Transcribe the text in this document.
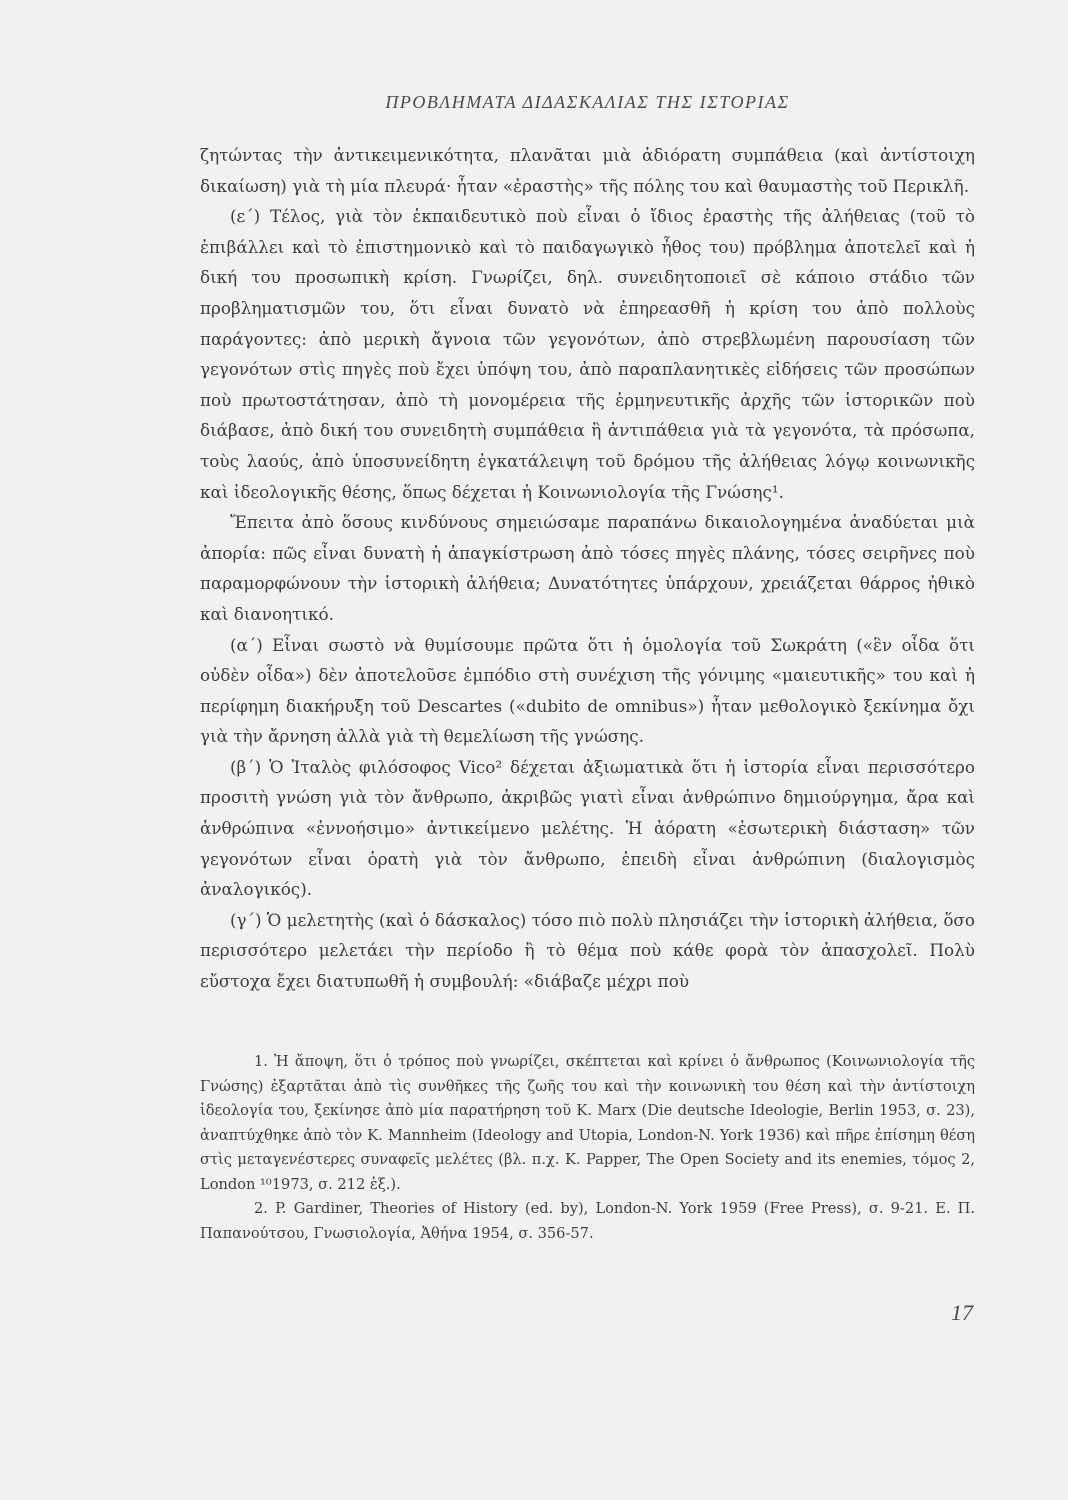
ΠΡΟΒΛΗΜΑΤΑ ΔΙΔΑΣΚΑΛΙΑΣ ΤΗΣ ΙΣΤΟΡΙΑΣ

ζητώντας τὴν ἀντικειμενικότητα, πλανᾶται μιὰ ἀδιόρατη συμπάθεια (καὶ ἀντίστοιχη δικαίωση) γιὰ τὴ μία πλευρά· ἦταν «ἐραστὴς» τῆς πόλης του καὶ θαυμαστὴς τοῦ Περικλῆ.

(ε΄) Τέλος, γιὰ τὸν ἐκπαιδευτικὸ ποὺ εἶναι ὁ ἴδιος ἐραστὴς τῆς ἀλήθειας (τοῦ τὸ ἐπιβάλλει καὶ τὸ ἐπιστημονικὸ καὶ τὸ παιδαγωγικὸ ἦθος του) πρόβλημα ἀποτελεῖ καὶ ἡ δική του προσωπικὴ κρίση. Γνωρίζει, δηλ. συνειδητοποιεῖ σὲ κάποιο στάδιο τῶν προβληματισμῶν του, ὅτι εἶναι δυνατὸ νὰ ἐπηρεασθῆ ἡ κρίση του ἀπὸ πολλοὺς παράγοντες: ἀπὸ μερικὴ ἄγνοια τῶν γεγονότων, ἀπὸ στρεβλωμένη παρουσίαση τῶν γεγονότων στὶς πηγὲς ποὺ ἔχει ὑπόψη του, ἀπὸ παραπλανητικὲς εἰδήσεις τῶν προσώπων ποὺ πρωτοστάτησαν, ἀπὸ τὴ μονομέρεια τῆς ἑρμηνευτικῆς ἀρχῆς τῶν ἱστορικῶν ποὺ διάβασε, ἀπὸ δική του συνειδητὴ συμπάθεια ἢ ἀντιπάθεια γιὰ τὰ γεγονότα, τὰ πρόσωπα, τοὺς λαούς, ἀπὸ ὑποσυνείδητη ἐγκατάλειψη τοῦ δρόμου τῆς ἀλήθειας λόγῳ κοινωνικῆς καὶ ἰδεολογικῆς θέσης, ὅπως δέχεται ἡ Κοινωνιολογία τῆς Γνώσης¹.

Ἔπειτα ἀπὸ ὅσους κινδύνους σημειώσαμε παραπάνω δικαιολογημένα ἀναδύεται μιὰ ἀπορία: πῶς εἶναι δυνατὴ ἡ ἀπαγκίστρωση ἀπὸ τόσες πηγὲς πλάνης, τόσες σειρῆνες ποὺ παραμορφώνουν τὴν ἱστορικὴ ἀλήθεια; Δυνατότητες ὑπάρχουν, χρειάζεται θάρρος ἠθικὸ καὶ διανοητικό.

(α΄) Εἶναι σωστὸ νὰ θυμίσουμε πρῶτα ὅτι ἡ ὁμολογία τοῦ Σωκράτη («ἓν οἶδα ὅτι οὐδὲν οἶδα») δὲν ἀποτελοῦσε ἐμπόδιο στὴ συνέχιση τῆς γόνιμης «μαιευτικῆς» του καὶ ἡ περίφημη διακήρυξη τοῦ Descartes («dubito de omnibus») ἦταν μεθολογικὸ ξεκίνημα ὄχι γιὰ τὴν ἄρνηση ἀλλὰ γιὰ τὴ θεμελίωση τῆς γνώσης.

(β΄) Ὁ Ἰταλὸς φιλόσοφος Vico² δέχεται ἀξιωματικὰ ὅτι ἡ ἱστορία εἶναι περισσότερο προσιτὴ γνώση γιὰ τὸν ἄνθρωπο, ἀκριβῶς γιατὶ εἶναι ἀνθρώπινο δημιούργημα, ἄρα καὶ ἀνθρώπινα «ἐννοήσιμο» ἀντικείμενο μελέτης. Ἡ ἀόρατη «ἐσωτερικὴ διάσταση» τῶν γεγονότων εἶναι ὁρατὴ γιὰ τὸν ἄνθρωπο, ἐπειδὴ εἶναι ἀνθρώπινη (διαλογισμὸς ἀναλογικός).

(γ΄) Ὁ μελετητὴς (καὶ ὁ δάσκαλος) τόσο πιὸ πολὺ πλησιάζει τὴν ἱστορικὴ ἀλήθεια, ὅσο περισσότερο μελετάει τὴν περίοδο ἢ τὸ θέμα ποὺ κάθε φορὰ τὸν ἀπασχολεῖ. Πολὺ εὔστοχα ἔχει διατυπωθῆ ἡ συμβουλή: «διάβαζε μέχρι ποὺ

1. Ἡ ἄποψη, ὅτι ὁ τρόπος ποὺ γνωρίζει, σκέπτεται καὶ κρίνει ὁ ἄνθρωπος (Κοινωνιολογία τῆς Γνώσης) ἐξαρτᾶται ἀπὸ τὶς συνθῆκες τῆς ζωῆς του καὶ τὴν κοινωνικὴ του θέση καὶ τὴν ἀντίστοιχη ἰδεολογία του, ξεκίνησε ἀπὸ μία παρατήρηση τοῦ K. Marx (Die deutsche Ideologie, Berlin 1953, σ. 23), ἀναπτύχθηκε ἀπὸ τὸν K. Mannheim (Ideology and Utopia, London-N. York 1936) καὶ πῆρε ἐπίσημη θέση στὶς μεταγενέστερες συναφεῖς μελέτες (βλ. π.χ. K. Papper, The Open Society and its enemies, τόμος 2, London ¹⁰1973, σ. 212 ἑξ.).

2. P. Gardiner, Theories of History (ed. by), London-N. York 1959 (Free Press), σ. 9-21. Ε. Π. Παπανούτσου, Γνωσιολογία, Ἀθήνα 1954, σ. 356-57.

17
